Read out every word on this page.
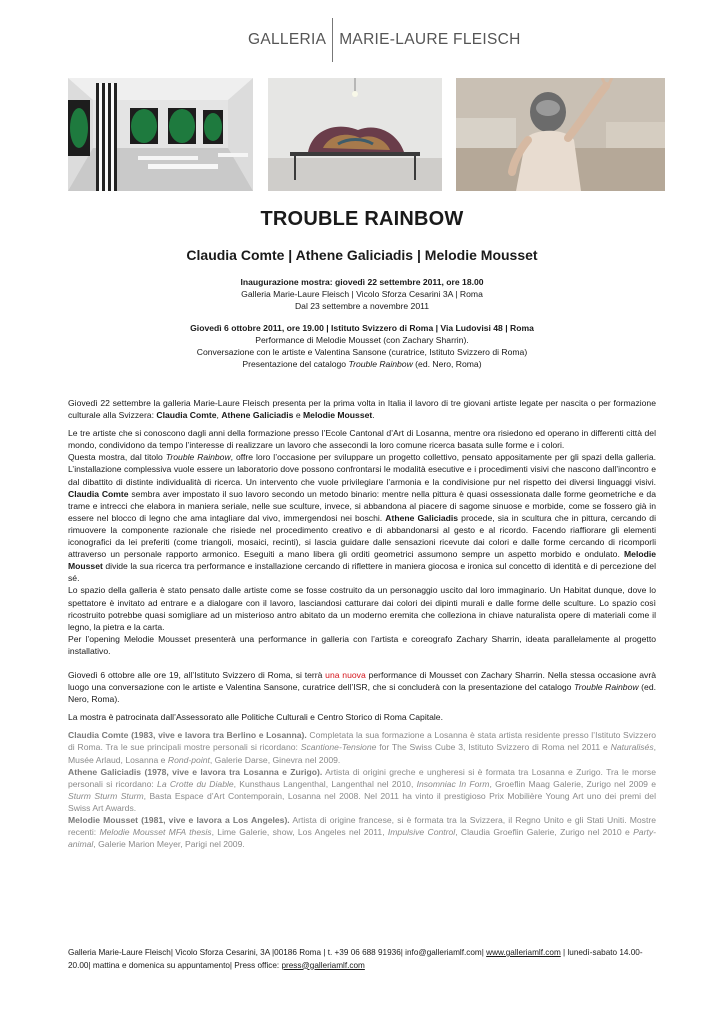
GALLERIA MARIE-LAURE FLEISCH
TROUBLE RAINBOW
Claudia Comte | Athene Galiciadis | Melodie Mousset
Inaugurazione mostra: giovedì 22 settembre 2011, ore 18.00
Galleria Marie-Laure Fleisch | Vicolo Sforza Cesarini 3A | Roma
Dal 23 settembre a novembre 2011
Giovedì 6 ottobre 2011, ore 19.00 | Istituto Svizzero di Roma | Via Ludovisi 48 | Roma
Performance di Melodie Mousset (con Zachary Sharrin).
Conversazione con le artiste e Valentina Sansone (curatrice, Istituto Svizzero di Roma)
Presentazione del catalogo Trouble Rainbow (ed. Nero, Roma)

Giovedì 22 settembre la galleria Marie-Laure Fleisch presenta per la prima volta in Italia il lavoro di tre giovani artiste legate per nascita o per formazione culturale alla Svizzera: Claudia Comte, Athene Galiciadis e Melodie Mousset.

Le tre artiste che si conoscono dagli anni della formazione presso l’Ecole Cantonal d’Art di Losanna, mentre ora risiedono ed operano in differenti città del mondo, condividono da tempo l’interesse di realizzare un lavoro che assecondi la loro comune ricerca basata sulle forme e i colori.

Questa mostra, dal titolo Trouble Rainbow, offre loro l’occasione per sviluppare un progetto collettivo, pensato appositamente per gli spazi della galleria. L’installazione complessiva vuole essere un laboratorio dove possono confrontarsi le modalità esecutive e i procedimenti visivi che nascono dall’incontro e dal dibattito di distinte individualità di ricerca. Un intervento che vuole privilegiare l’armonia e la condivisione pur nel rispetto dei diversi linguaggi visivi. Claudia Comte sembra aver impostato il suo lavoro secondo un metodo binario: mentre nella pittura è quasi ossessionata dalle forme geometriche e da trame e intrecci che elabora in maniera seriale, nelle sue sculture, invece, si abbandona al piacere di sagome sinuose e morbide, come se fossero già in essere nel blocco di legno che ama intagliare dal vivo, immergendosi nei boschi. Athene Galiciadis procede, sia in scultura che in pittura, cercando di rimuovere la componente razionale che risiede nel procedimento creativo e di abbandonarsi al gesto e al ricordo. Facendo riaffiorare gli elementi iconografici da lei preferiti (come triangoli, mosaici, recinti), si lascia guidare dalle sensazioni ricevute dai colori e dalle forme cercando di ricomporli attraverso un personale rapporto armonico. Eseguiti a mano libera gli orditi geometrici assumono sempre un aspetto morbido e ondulato. Melodie Mousset divide la sua ricerca tra performance e installazione cercando di riflettere in maniera giocosa e ironica sul concetto di identità e di percezione del sé.

Lo spazio della galleria è stato pensato dalle artiste come se fosse costruito da un personaggio uscito dal loro immaginario. Un Habitat dunque, dove lo spettatore è invitato ad entrare e a dialogare con il lavoro, lasciandosi catturare dai colori dei dipinti murali e dalle forme delle sculture. Lo spazio così ricostruito potrebbe quasi somigliare ad un misterioso antro abitato da un moderno eremita che colleziona in chiave naturalista opere di materiali come il legno, la pietra e la carta.

Per l’opening Melodie Mousset presenterà una performance in galleria con l’artista e coreografo Zachary Sharrin, ideata parallelamente al progetto installativo.

Giovedì 6 ottobre alle ore 19, all’Istituto Svizzero di Roma, si terrà una nuova performance di Mousset con Zachary Sharrin. Nella stessa occasione avrà luogo una conversazione con le artiste e Valentina Sansone, curatrice dell’ISR, che si concluderà con la presentazione del catalogo Trouble Rainbow (ed. Nero, Roma).

La mostra è patrocinata dall’Assessorato alle Politiche Culturali e Centro Storico di Roma Capitale.

Claudia Comte (1983, vive e lavora tra Berlino e Losanna). Completata la sua formazione a Losanna è stata artista residente presso l’Istituto Svizzero di Roma. Tra le sue principali mostre personali si ricordano: Scantione-Tensione for The Swiss Cube 3, Istituto Svizzero di Roma nel 2011 e Naturalisés, Musée Arlaud, Losanna e Rond-point, Galerie Darse, Ginevra nel 2009.

Athene Galiciadis (1978, vive e lavora tra Losanna e Zurigo). Artista di origini greche e ungheresi si è formata tra Losanna e Zurigo. Tra le morse personali si ricordano: La Crotte du Diable, Kunsthaus Langenthal, Langenthal nel 2010, Insomniac In Form, Groeflin Maag Galerie, Zurigo nel 2009 e Sturm Sturm Sturm, Basta Espace d’Art Contemporain, Losanna nel 2008. Nel 2011 ha vinto il prestigioso Prix Mobilière Young Art uno dei premi del Swiss Art Awards.

Melodie Mousset (1981, vive e lavora a Los Angeles). Artista di origine francese, si è formata tra la Svizzera, il Regno Unito e gli Stati Uniti. Mostre recenti: Melodie Mousset MFA thesis, Lime Galerie, show, Los Angeles nel 2011, Impulsive Control, Claudia Groeflin Galerie, Zurigo nel 2010 e Party-animal, Galerie Marion Meyer, Parigi nel 2009.

Galleria Marie-Laure Fleisch| Vicolo Sforza Cesarini, 3A |00186 Roma | t. +39 06 688 91936| info@galleriamlf.com| www.galleriamlf.com | lunedì-sabato 14.00-20.00| mattina e domenica su appuntamento| Press office: press@galleriamlf.com
